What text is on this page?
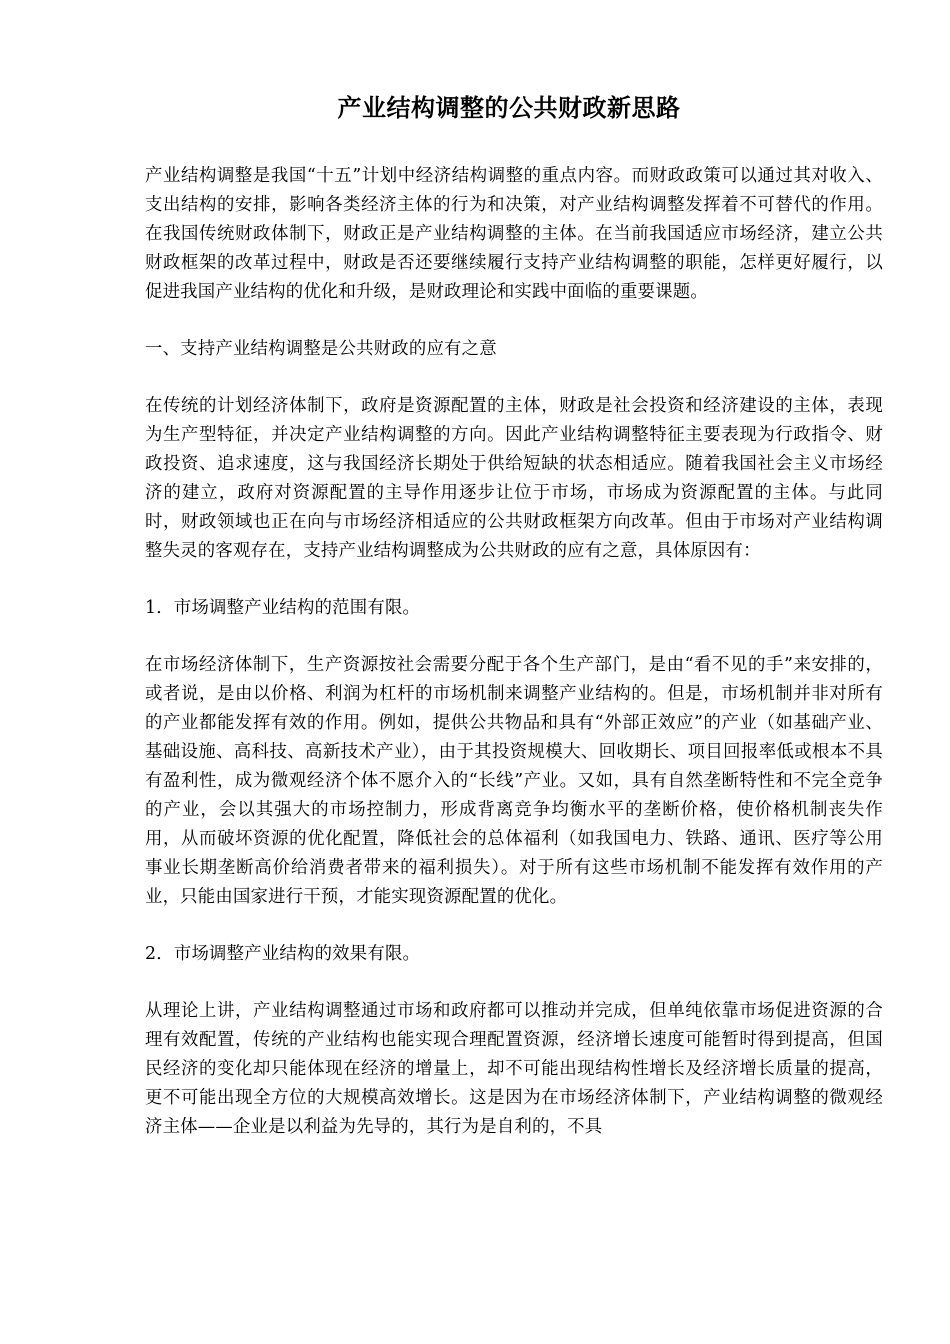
产业结构调整的公共财政新思路

产业结构调整是我国“十五”计划中经济结构调整的重点内容。而财政政策可以通过其对收入、支出结构的安排，影响各类经济主体的行为和决策，对产业结构调整发挥着不可替代的作用。在我国传统财政体制下，财政正是产业结构调整的主体。在当前我国适应市场经济，建立公共财政框架的改革过程中，财政是否还要继续履行支持产业结构调整的职能，怎样更好履行，以促进我国产业结构的优化和升级，是财政理论和实践中面临的重要课题。

一、支持产业结构调整是公共财政的应有之意

在传统的计划经济体制下，政府是资源配置的主体，财政是社会投资和经济建设的主体，表现为生产型特征，并决定产业结构调整的方向。因此产业结构调整特征主要表现为行政指令、财政投资、追求速度，这与我国经济长期处于供给短缺的状态相适应。随着我国社会主义市场经济的建立，政府对资源配置的主导作用逐步让位于市场，市场成为资源配置的主体。与此同时，财政领域也正在向与市场经济相适应的公共财政框架方向改革。但由于市场对产业结构调整失灵的客观存在，支持产业结构调整成为公共财政的应有之意，具体原因有：

1．市场调整产业结构的范围有限。

在市场经济体制下，生产资源按社会需要分配于各个生产部门，是由“看不见的手”来安排的，或者说，是由以价格、利润为杠杆的市场机制来调整产业结构的。但是，市场机制并非对所有的产业都能发挥有效的作用。例如，提供公共物品和具有“外部正效应”的产业（如基础产业、基础设施、高科技、高新技术产业），由于其投资规模大、回收期长、项目回报率低或根本不具有盈利性，成为微观经济个体不愿介入的“长线”产业。又如，具有自然垄断特性和不完全竞争的产业，会以其强大的市场控制力，形成背离竞争均衡水平的垄断价格，使价格机制丧失作用，从而破坏资源的优化配置，降低社会的总体福利（如我国电力、铁路、通讯、医疗等公用事业长期垄断高价给消费者带来的福利损失）。对于所有这些市场机制不能发挥有效作用的产业，只能由国家进行干预，才能实现资源配置的优化。

2．市场调整产业结构的效果有限。

从理论上讲，产业结构调整通过市场和政府都可以推动并完成，但单纯依靠市场促进资源的合理有效配置，传统的产业结构也能实现合理配置资源，经济增长速度可能暂时得到提高，但国民经济的变化却只能体现在经济的增量上，却不可能出现结构性增长及经济增长质量的提高，更不可能出现全方位的大规模高效增长。这是因为在市场经济体制下，产业结构调整的微观经济主体——企业是以利益为先导的，其行为是自利的，不具
